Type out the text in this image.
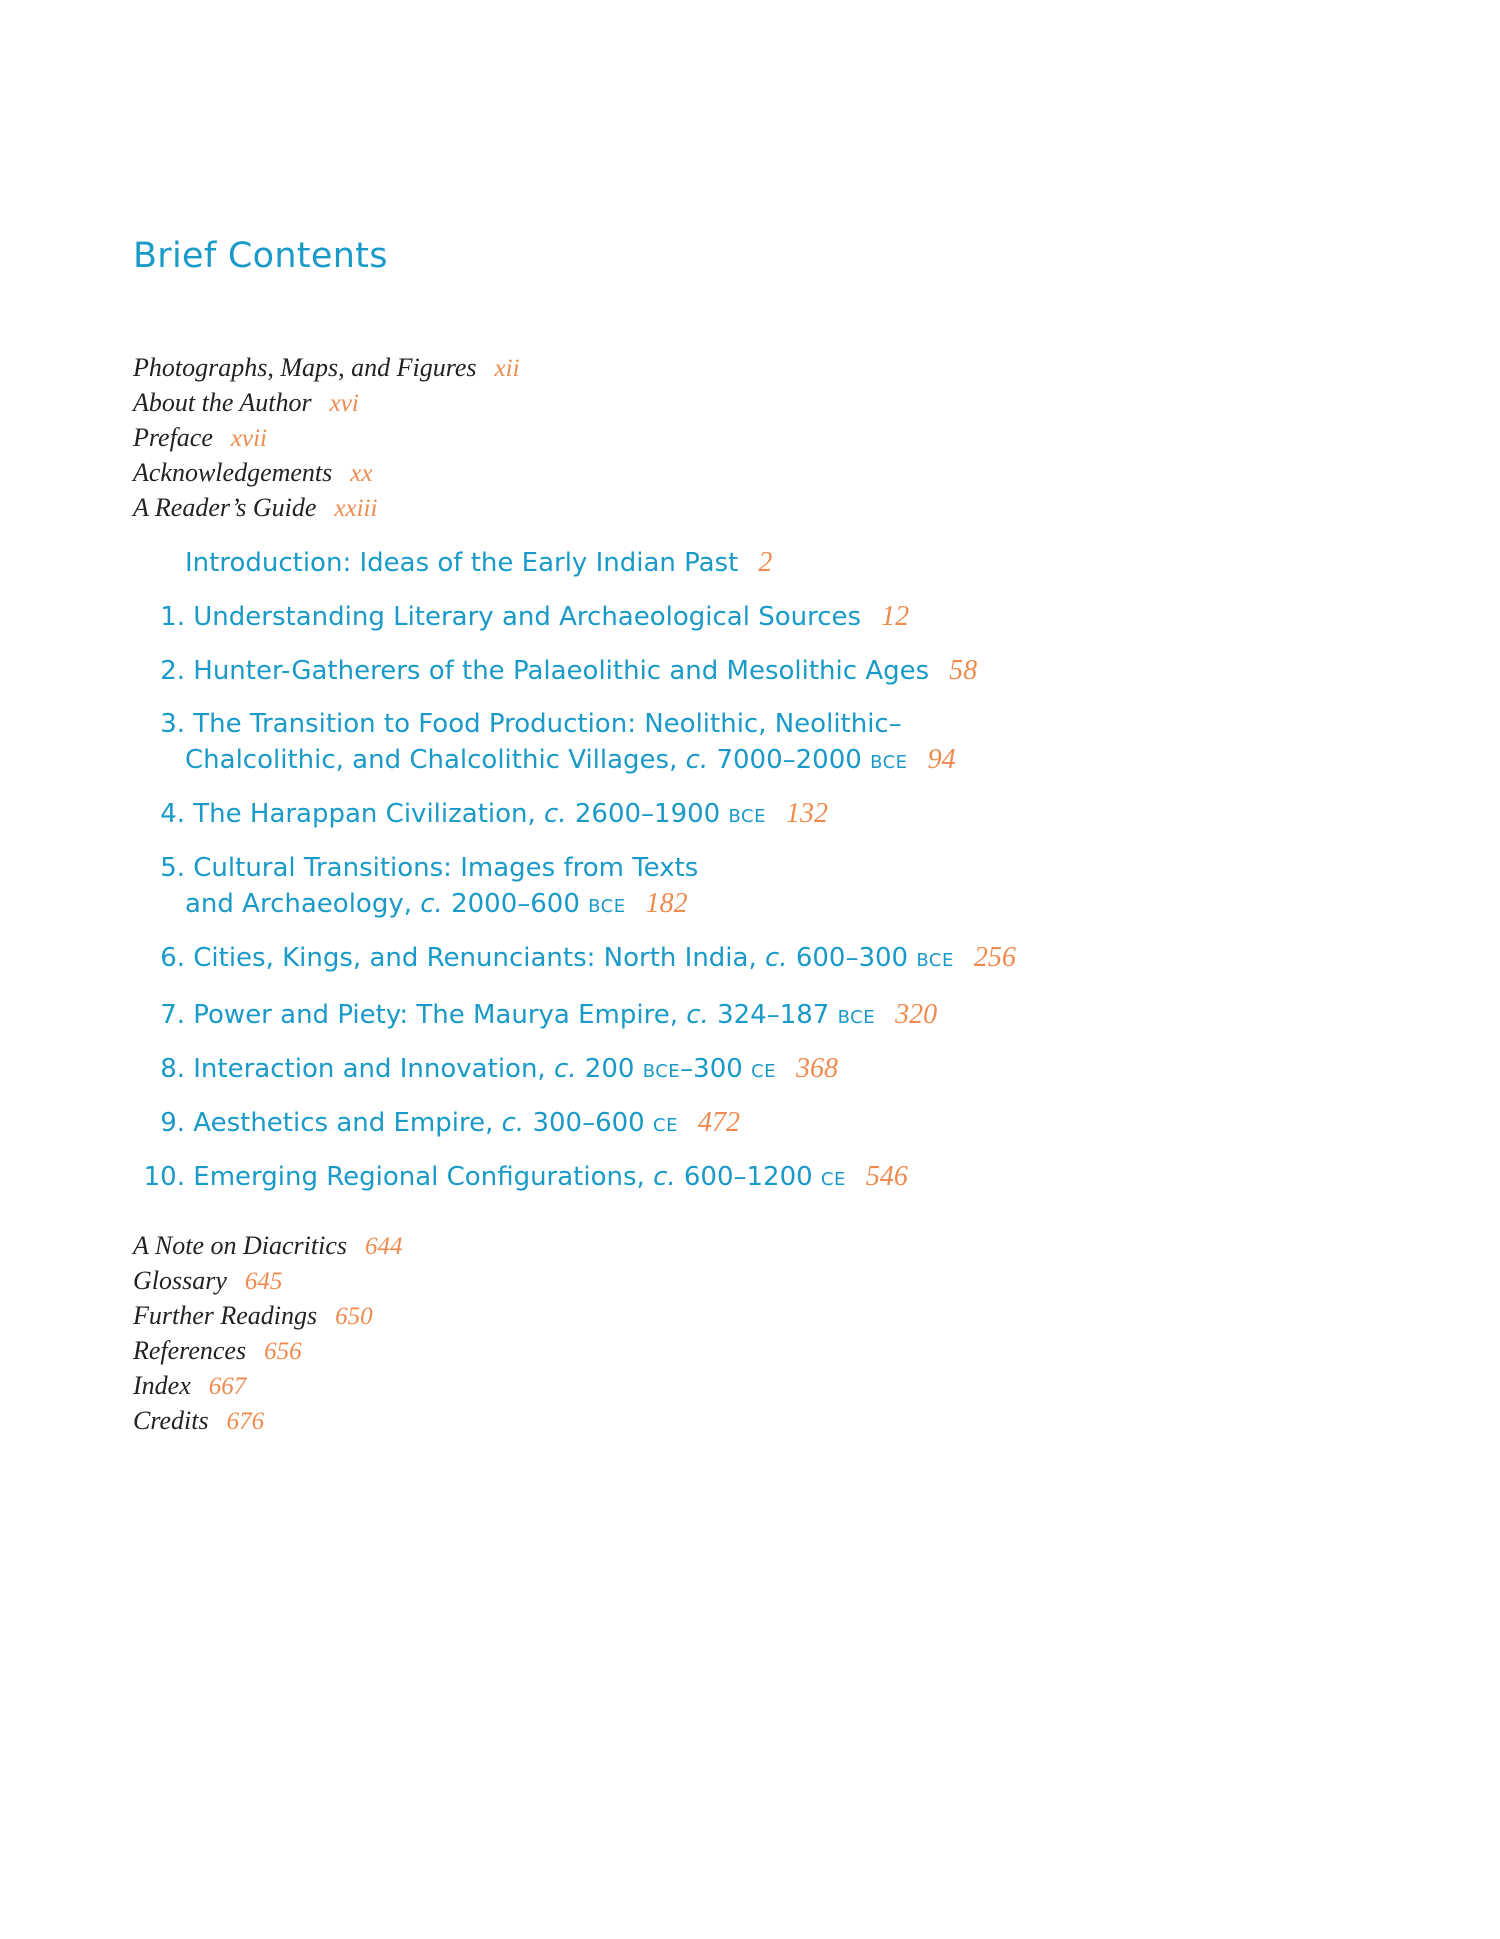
Brief Contents
Photographs, Maps, and Figures xii
About the Author xvi
Preface xvii
Acknowledgements xx
A Reader’s Guide xxiii
Introduction: Ideas of the Early Indian Past 2
1. Understanding Literary and Archaeological Sources 12
2. Hunter-Gatherers of the Palaeolithic and Mesolithic Ages 58
3. The Transition to Food Production: Neolithic, Neolithic–
Chalcolithic, and Chalcolithic Villages, c. 7000–2000 BCE 94
4. The Harappan Civilization, c. 2600–1900 BCE 132
5. Cultural Transitions: Images from Texts
and Archaeology, c. 2000–600 BCE 182
6. Cities, Kings, and Renunciants: North India, c. 600–300 BCE 256
7. Power and Piety: The Maurya Empire, c. 324–187 BCE 320
8. Interaction and Innovation, c. 200 BCE–300 CE 368
9. Aesthetics and Empire, c. 300–600 CE 472
10. Emerging Regional Configurations, c. 600–1200 CE 546
A Note on Diacritics 644
Glossary 645
Further Readings 650
References 656
Index 667
Credits 676
